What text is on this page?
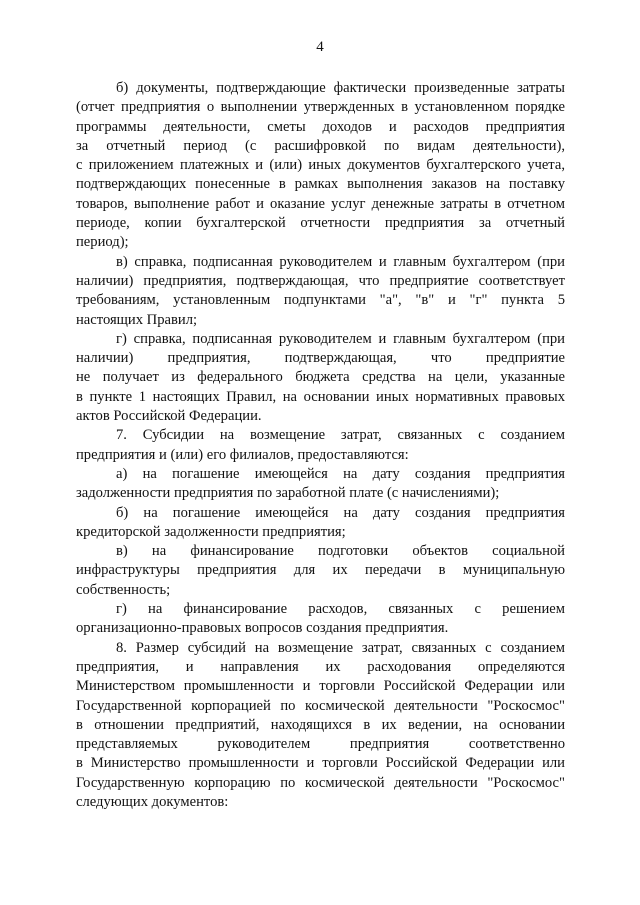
4
б) документы, подтверждающие фактически произведенные затраты
(отчет предприятия о выполнении утвержденных в установленном порядке
программы деятельности, сметы доходов и расходов предприятия
за отчетный период (с расшифровкой по видам деятельности),
с приложением платежных и (или) иных документов бухгалтерского учета,
подтверждающих понесенные в рамках выполнения заказов на поставку
товаров, выполнение работ и оказание услуг денежные затраты в отчетном
периоде, копии бухгалтерской отчетности предприятия за отчетный
период);
в) справка, подписанная руководителем и главным бухгалтером (при
наличии) предприятия, подтверждающая, что предприятие соответствует
требованиям, установленным подпунктами "а", "в" и "г" пункта 5
настоящих Правил;
г) справка, подписанная руководителем и главным бухгалтером (при
наличии) предприятия, подтверждающая, что предприятие
не получает из федерального бюджета средства на цели, указанные
в пункте 1 настоящих Правил, на основании иных нормативных правовых
актов Российской Федерации.
7. Субсидии на возмещение затрат, связанных с созданием
предприятия и (или) его филиалов, предоставляются:
а) на погашение имеющейся на дату создания предприятия
задолженности предприятия по заработной плате (с начислениями);
б) на погашение имеющейся на дату создания предприятия
кредиторской задолженности предприятия;
в) на финансирование подготовки объектов социальной
инфраструктуры предприятия для их передачи в муниципальную
собственность;
г) на финансирование расходов, связанных с решением
организационно-правовых вопросов создания предприятия.
8. Размер субсидий на возмещение затрат, связанных с созданием
предприятия, и направления их расходования определяются
Министерством промышленности и торговли Российской Федерации или
Государственной корпорацией по космической деятельности "Роскосмос"
в отношении предприятий, находящихся в их ведении, на основании
представляемых руководителем предприятия соответственно
в Министерство промышленности и торговли Российской Федерации или
Государственную корпорацию по космической деятельности "Роскосмос"
следующих документов:
